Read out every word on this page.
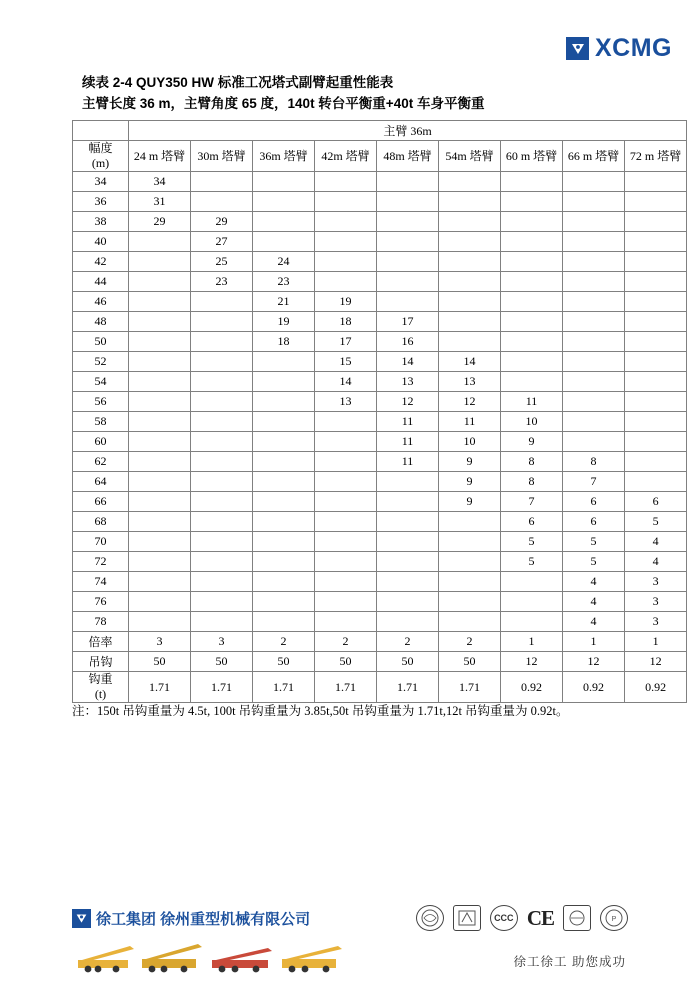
XCMG
续表 2-4 QUY350 HW 标准工况塔式副臂起重性能表
主臂长度 36 m，主臂角度 65 度，140t 转台平衡重+40t 车身平衡重
	主臂 36m								

幅度
(m)	24 m 塔臂	30m 塔臂	36m 塔臂	42m 塔臂	48m 塔臂	54m 塔臂	60 m 塔臂	66 m 塔臂	72 m 塔臂
34	34								
36	31								
38	29	29							
40		27							
42		25	24						
44		23	23						
46			21	19					
48			19	18	17				
50			18	17	16				
52				15	14	14			
54				14	13	13			
56				13	12	12	11		
58					11	11	10		
60					11	10	9		
62					11	9	8	8	
64						9	8	7	
66						9	7	6	6
68							6	6	5
70							5	5	4
72							5	5	4
74								4	3
76								4	3
78								4	3
倍率	3	3	2	2	2	2	1	1	1
吊钩	50	50	50	50	50	50	12	12	12

钩重
(t)	1.71	1.71	1.71	1.71	1.71	1.71	0.92	0.92	0.92
注：150t 吊钩重量为 4.5t, 100t 吊钩重量为 3.85t,50t 吊钩重量为 1.71t,12t 吊钩重量为 0.92t。
徐工集团 徐州重型机械有限公司	CCC CE	P
徐工徐工 助您成功
